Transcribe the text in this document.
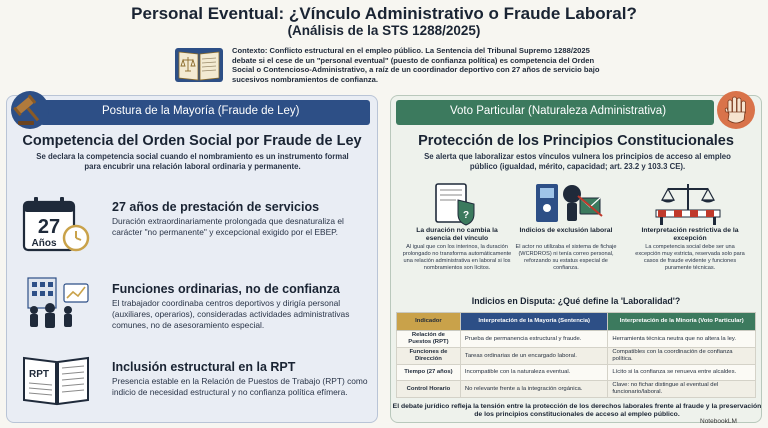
Personal Eventual: ¿Vínculo Administrativo o Fraude Laboral?
(Análisis de la STS 1288/2025)
Contexto: Conflicto estructural en el empleo público. La Sentencia del Tribunal Supremo 1288/2025 debate si el cese de un "personal eventual" (puesto de confianza política) es competencia del Orden Social o Contencioso-Administrativo, a raíz de un coordinador deportivo con 27 años de servicio bajo sucesivos nombramientos de confianza.
Postura de la Mayoría (Fraude de Ley)
Competencia del Orden Social por Fraude de Ley
Se declara la competencia social cuando el nombramiento es un instrumento formal para encubrir una relación laboral ordinaria y permanente.
27
Años
27 años de prestación de servicios
Duración extraordinariamente prolongada que desnaturaliza el carácter "no permanente" y excepcional exigido por el EBEP.
Funciones ordinarias, no de confianza
El trabajador coordinaba centros deportivos y dirigía personal (auxiliares, operarios), consideradas actividades administrativas comunes, no de asesoramiento especial.
RPT
Inclusión estructural en la RPT
Presencia estable en la Relación de Puestos de Trabajo (RPT) como indicio de necesidad estructural y no confianza política efímera.
Voto Particular (Naturaleza Administrativa)
Protección de los Principios Constitucionales
Se alerta que laboralizar estos vínculos vulnera los principios de acceso al empleo público (igualdad, mérito, capacidad; art. 23.2 y 103.3 CE).
?
La duración no cambia la esencia del vínculo
Al igual que con los interinos, la duración prolongado no transforma automáticamente una relación administrativa en laboral si los nombramientos son lícitos.
Indicios de exclusión laboral
El actor no utilizaba el sistema de fichaje (WCRDROS) ni tenía correo personal, reforzando su estatus especial de confianza.
Interpretación restrictiva de la excepción
La competencia social debe ser una excepción muy estricta, reservada solo para casos de fraude evidente y funciones puramente técnicas.
Indicios en Disputa: ¿Qué define la 'Laboralidad'?
Indicador	Interpretación de la Mayoría (Sentencia)	Interpretación de la Minoría (Voto Particular)
Relación de Puestos (RPT)	Prueba de permanencia estructural y fraude.	Herramienta técnica neutra que no altera la ley.
Funciones de Dirección	Tareas ordinarias de un encargado laboral.	Compatibles con la coordinación de confianza política.
Tiempo (27 años)	Incompatible con la naturaleza eventual.	Lícito si la confianza se renueva entre alcaldes.
Control Horario	No relevante frente a la integración orgánica.	Clave: no fichar distingue al eventual del funcionario/laboral.
El debate jurídico refleja la tensión entre la protección de los derechos laborales frente al fraude y la preservación de los principios constitucionales de acceso al empleo público.
NotebookLM
